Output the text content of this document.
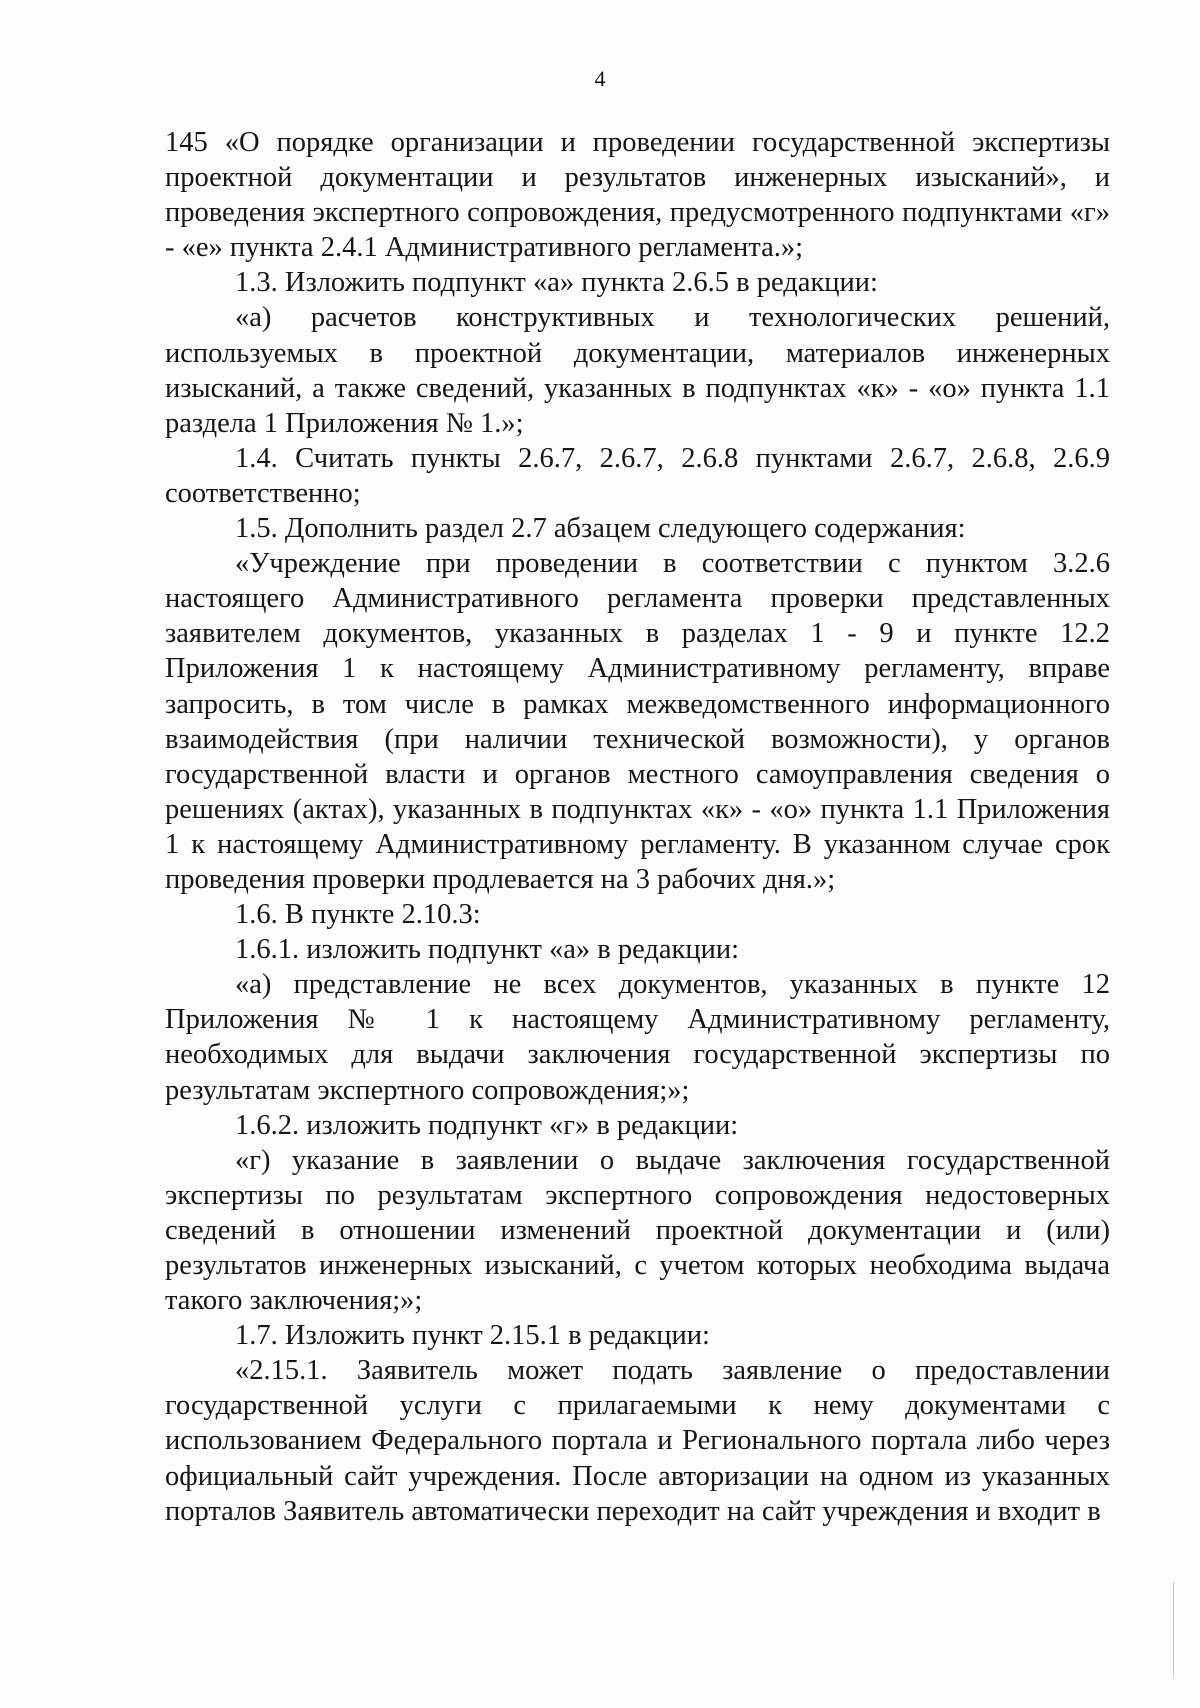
4

145 «О порядке организации и проведении государственной экспертизы проектной документации и результатов инженерных изысканий», и проведения экспертного сопровождения, предусмотренного подпунктами «г» - «е» пункта 2.4.1 Административного регламента.»;

1.3. Изложить подпункт «а» пункта 2.6.5 в редакции:

«а) расчетов конструктивных и технологических решений, используемых в проектной документации, материалов инженерных изысканий, а также сведений, указанных в подпунктах «к» - «о» пункта 1.1 раздела 1 Приложения № 1.»;

1.4. Считать пункты 2.6.7, 2.6.7, 2.6.8 пунктами 2.6.7, 2.6.8, 2.6.9 соответственно;

1.5. Дополнить раздел 2.7 абзацем следующего содержания:

«Учреждение при проведении в соответствии с пунктом 3.2.6 настоящего Административного регламента проверки представленных заявителем документов, указанных в разделах 1 - 9 и пункте 12.2 Приложения 1 к настоящему Административному регламенту, вправе запросить, в том числе в рамках межведомственного информационного взаимодействия (при наличии технической возможности), у органов государственной власти и органов местного самоуправления сведения о решениях (актах), указанных в подпунктах «к» - «о» пункта 1.1 Приложения 1 к настоящему Административному регламенту. В указанном случае срок проведения проверки продлевается на 3 рабочих дня.»;

1.6. В пункте 2.10.3:

1.6.1. изложить подпункт «а» в редакции:

«а) представление не всех документов, указанных в пункте 12 Приложения № 1 к настоящему Административному регламенту, необходимых для выдачи заключения государственной экспертизы по результатам экспертного сопровождения;»;

1.6.2. изложить подпункт «г» в редакции:

«г) указание в заявлении о выдаче заключения государственной экспертизы по результатам экспертного сопровождения недостоверных сведений в отношении изменений проектной документации и (или) результатов инженерных изысканий, с учетом которых необходима выдача такого заключения;»;

1.7. Изложить пункт 2.15.1 в редакции:

«2.15.1. Заявитель может подать заявление о предоставлении государственной услуги с прилагаемыми к нему документами с использованием Федерального портала и Регионального портала либо через официальный сайт учреждения. После авторизации на одном из указанных порталов Заявитель автоматически переходит на сайт учреждения и входит в
